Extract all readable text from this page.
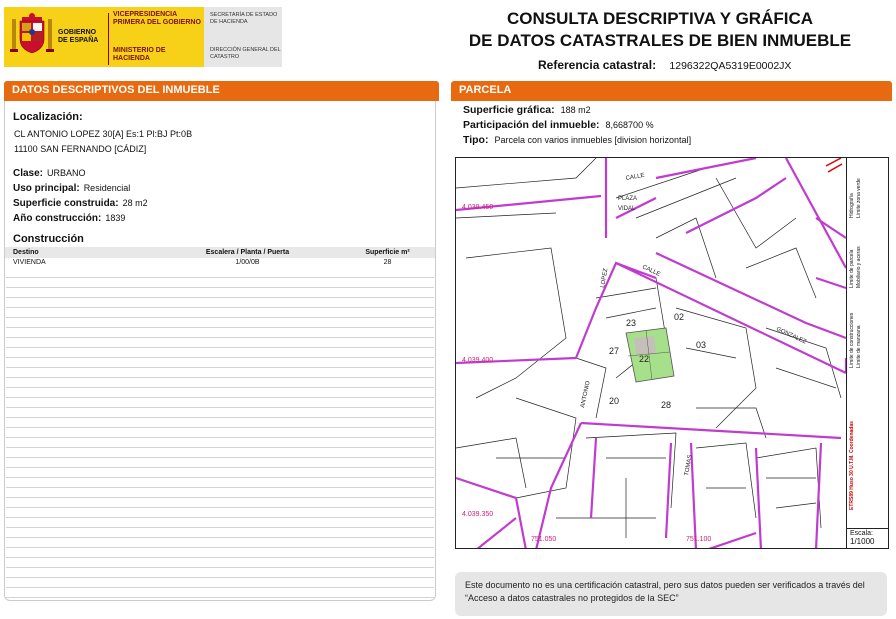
GOBIERNO DE ESPAÑA
VICEPRESIDENCIA PRIMERA DEL GOBIERNO
MINISTERIO DE HACIENDA
SECRETARÍA DE ESTADO DE HACIENDA
DIRECCIÓN GENERAL DEL CATASTRO
CONSULTA DESCRIPTIVA Y GRÁFICA
DE DATOS CATASTRALES DE BIEN INMUEBLE
Referencia catastral: 1296322QA5319E0002JX
DATOS DESCRIPTIVOS DEL INMUEBLE
Localización:
CL ANTONIO LOPEZ 30[A] Es:1 Pl:BJ Pt:0B
11100 SAN FERNANDO [CÁDIZ]
Clase: URBANO
Uso principal: Residencial
Superficie construida: 28 m2
Año construcción: 1839
Construcción
Destino	Escalera / Planta / Puerta	Superficie m²
VIVIENDA	1/00/0B	28
PARCELA
Superficie gráfica: 188 m2
Participación del inmueble: 8,668700 %
Tipo: Parcela con varios inmuebles [division horizontal]
4.039.450
4.039.400
4.039.350
751.050	751.100
CALLE
GONZALEZ
ANTONIO
LOPEZ
PLAZA
VIDAL
CALLE
TOMAS
02
03
23
27
22
28
20
Hidrografía Límite zona verde
Límite de parcela Mobiliario y aceras
Límite de construcciones Límite de manzana
ETRS89 Huso 30 U.T.M. Coordenadas
Escala:
1/1000
Este documento no es una certificación catastral, pero sus datos pueden ser verificados a través del “Acceso a datos catastrales no protegidos de la SEC”
